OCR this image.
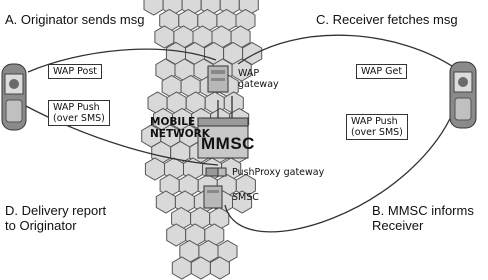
A. Originator sends msg	C. Receiver fetches msg
D. Delivery report
to Originator
B. MMSC informs
Receiver
WAP Post	WAP Get
WAP Push
(over SMS)	WAP Push
(over SMS)
MOBILE
NETWORK
WAP
gateway
MMSC
PushProxy gateway
SMSC
